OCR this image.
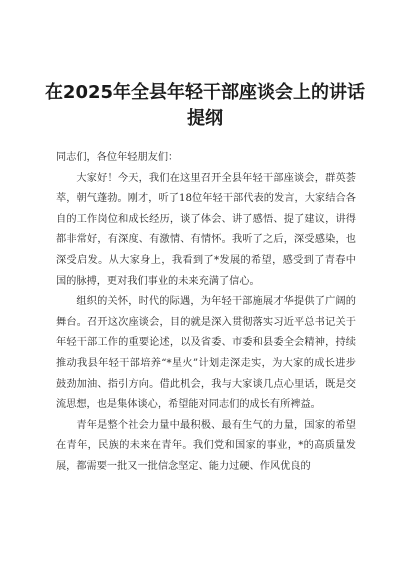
在2025年全县年轻干部座谈会上的讲话提纲

同志们，各位年轻朋友们：

大家好！今天，我们在这里召开全县年轻干部座谈会，群英荟萃，朝气蓬勃。刚才，听了18位年轻干部代表的发言，大家结合各自的工作岗位和成长经历，谈了体会、讲了感悟、提了建议，讲得都非常好，有深度、有激情、有情怀。我听了之后，深受感染，也深受启发。从大家身上，我看到了*发展的希望，感受到了青春中国的脉搏，更对我们事业的未来充满了信心。

组织的关怀，时代的际遇，为年轻干部施展才华提供了广阔的舞台。召开这次座谈会，目的就是深入贯彻落实习近平总书记关于年轻干部工作的重要论述，以及省委、市委和县委全会精神，持续推动我县年轻干部培养“*星火”计划走深走实，为大家的成长进步鼓劲加油、指引方向。借此机会，我与大家谈几点心里话，既是交流思想，也是集体谈心，希望能对同志们的成长有所裨益。

青年是整个社会力量中最积极、最有生气的力量，国家的希望在青年，民族的未来在青年。我们党和国家的事业，*的高质量发展，都需要一批又一批信念坚定、能力过硬、作风优良的
